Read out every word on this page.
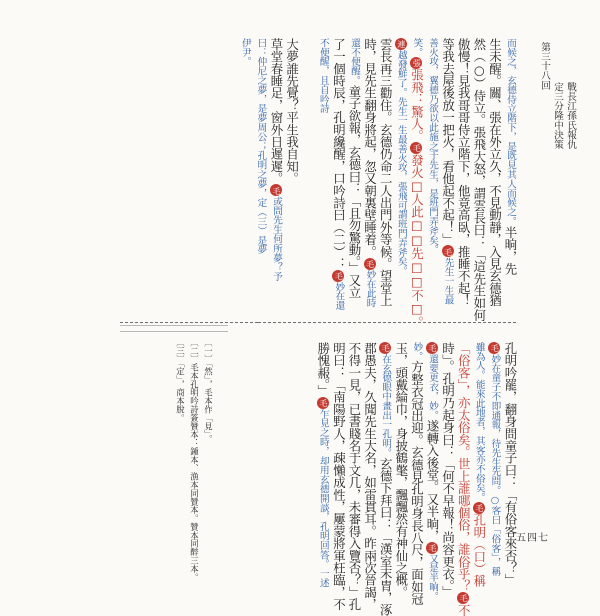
第三十八回
定三分隆中決策 戰長江孫氏報仇
而候之，玄德侍立階下，是既見其人而候之。半晌，先
生未醒。關、張在外立久，不見動靜，入見玄德猶
然（○）侍立。張飛大怒，謂雲長曰：「這先生如何
傲慢！見我哥哥侍立階下，他竟高臥，推睡不起！
等我去屋後放一把火，看他起不起！」毛先生一生最
善火攻，翼德乃欲以此施之于先生，是班門弄斧矣。
笑。張張飛：驚人。毛發火□人此□□先□□不□。
連越發鮮了。先生一生最善火攻，張飛可謂班門弄斧矣。
雲長再三勸住。玄德仍命二人出門外等候。望堂上
時，見先生翻身將起，忽又朝裏壁睡着。毛妙在此時
還不便醒。童子欲報，玄德曰：「且勿驚動。」又立
了一個時辰，孔明纔醒，口吟詩曰（二）：毛妙在還
不便醒，且自吟詩
大夢誰先覺？平生我自知。
草堂春睡足，窗外日遲遲。毛或問先生何所夢？予
曰：仲尼之夢，是夢周公；孔明之夢，定（三）是夢
伊尹。
孔明吟罷，翻身問童子曰：「有俗客來否？」
毛妙在童子不即通報，待先生先問。○客曰「俗客」，稱
雖為人。能來此地者，其客亦不俗矣。毛孔明（口）稱
「俗客」，亦太俗矣。世上誰哪個俗，誰俗乎？毛不
時」。孔明乃起身曰：「何不早報！尚容更衣。」
毛還要更衣，妙。遂轉入後堂。又半晌，毛又是半晌。
妙。方整衣冠出迎。玄德見孔明身長八尺，面如冠
玉，頭戴綸巾，身披鶴氅，飄飄然有神仙之概。
毛在玄德眼中畫出一孔明。玄德下拜曰：「漢室末胄，涿
郡愚夫，久聞先生大名，如雷貫耳。昨兩次晉謁，
不得一見，已書賤名于文几，未審得入覽否？」孔
明曰：「南陽野人，疎懶成性，屢蒙將軍枉臨，不
勝愧赧。」毛乍見之時，却用玄德開談，孔明回答。一述
〔一〕「然」，毛本作「見」。
〔二〕毛本孔明吟詩簽贊本：鍾本、漁本同贊本。贊本同醉三本。
〔三〕「定」，商本脫。
五四七
